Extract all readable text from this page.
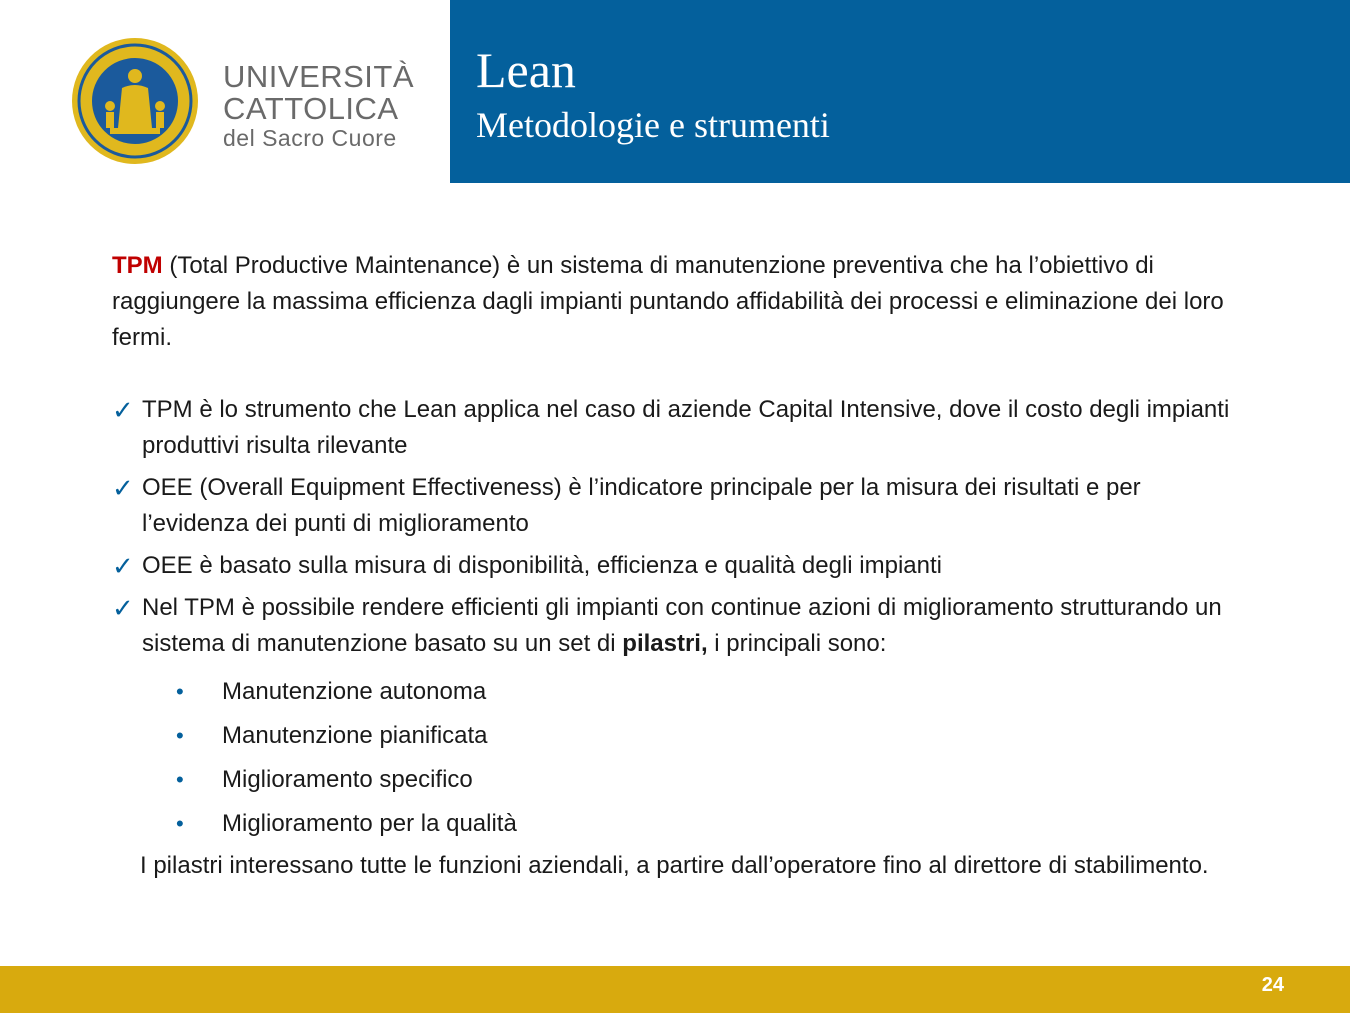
UNIVERSITÀ
CATTOLICA
del Sacro Cuore
Lean
Metodologie e strumenti

TPM (Total Productive Maintenance) è un sistema di manutenzione preventiva che ha l’obiettivo di raggiungere la massima efficienza dagli impianti puntando affidabilità dei processi e eliminazione dei loro fermi.

✓ TPM è lo strumento che Lean applica nel caso di aziende Capital Intensive, dove il costo degli impianti produttivi risulta rilevante
✓ OEE (Overall Equipment Effectiveness) è l’indicatore principale per la misura dei risultati e per l’evidenza dei punti di miglioramento
✓ OEE è basato sulla misura di disponibilità, efficienza e qualità degli impianti
✓ Nel TPM è possibile rendere efficienti gli impianti con continue azioni di miglioramento strutturando un sistema di manutenzione basato su un set di pilastri, i principali sono:
• Manutenzione autonoma
• Manutenzione pianificata
• Miglioramento specifico
• Miglioramento per la qualità

I pilastri interessano tutte le funzioni aziendali, a partire dall’operatore fino al direttore di stabilimento.

24
